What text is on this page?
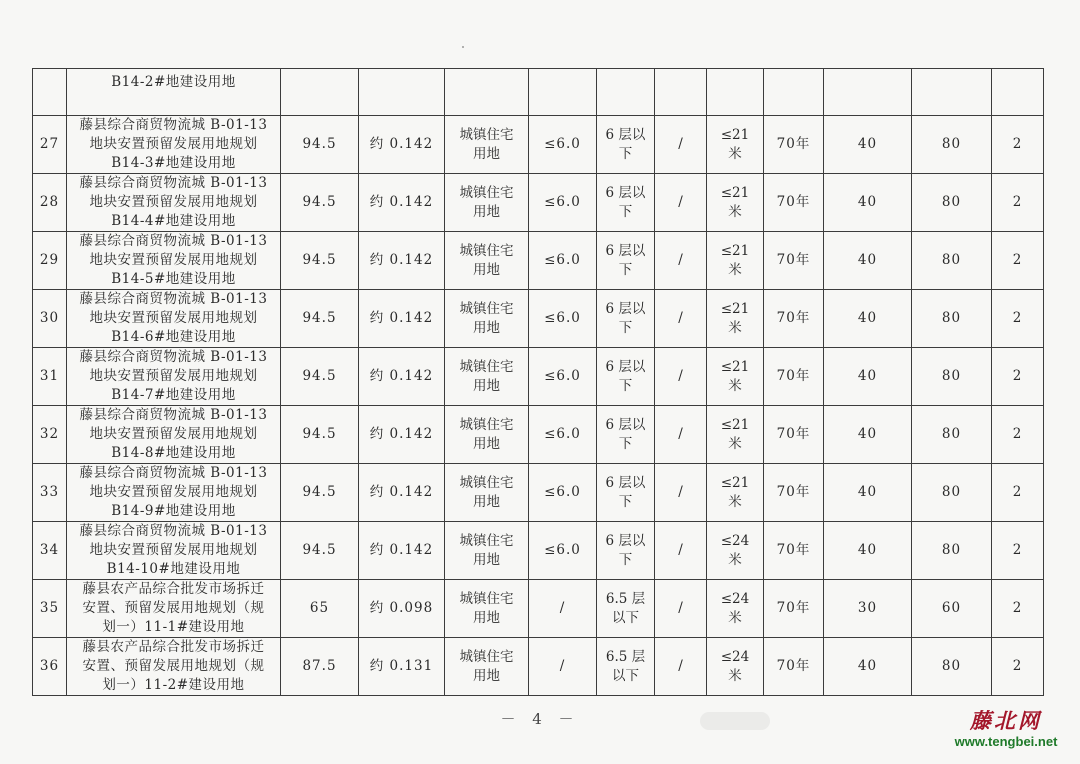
	B14-2#地建设用地											

27	藤县综合商贸物流城 B-01-13
地块安置预留发展用地规划
B14-3#地建设用地	94.5	约 0.142	城镇住宅
用地	≤6.0	6 层以
下	/	≤21
米	70年	40	80	2
28	藤县综合商贸物流城 B-01-13
地块安置预留发展用地规划
B14-4#地建设用地	94.5	约 0.142	城镇住宅
用地	≤6.0	6 层以
下	/	≤21
米	70年	40	80	2
29	藤县综合商贸物流城 B-01-13
地块安置预留发展用地规划
B14-5#地建设用地	94.5	约 0.142	城镇住宅
用地	≤6.0	6 层以
下	/	≤21
米	70年	40	80	2
30	藤县综合商贸物流城 B-01-13
地块安置预留发展用地规划
B14-6#地建设用地	94.5	约 0.142	城镇住宅
用地	≤6.0	6 层以
下	/	≤21
米	70年	40	80	2
31	藤县综合商贸物流城 B-01-13
地块安置预留发展用地规划
B14-7#地建设用地	94.5	约 0.142	城镇住宅
用地	≤6.0	6 层以
下	/	≤21
米	70年	40	80	2
32	藤县综合商贸物流城 B-01-13
地块安置预留发展用地规划
B14-8#地建设用地	94.5	约 0.142	城镇住宅
用地	≤6.0	6 层以
下	/	≤21
米	70年	40	80	2
33	藤县综合商贸物流城 B-01-13
地块安置预留发展用地规划
B14-9#地建设用地	94.5	约 0.142	城镇住宅
用地	≤6.0	6 层以
下	/	≤21
米	70年	40	80	2
34	藤县综合商贸物流城 B-01-13
地块安置预留发展用地规划
B14-10#地建设用地	94.5	约 0.142	城镇住宅
用地	≤6.0	6 层以
下	/	≤24
米	70年	40	80	2
35	藤县农产品综合批发市场拆迁
安置、预留发展用地规划（规
划一）11-1#建设用地	65	约 0.098	城镇住宅
用地	/	6.5 层
以下	/	≤24
米	70年	30	60	2
36	藤县农产品综合批发市场拆迁
安置、预留发展用地规划（规
划一）11-2#建设用地	87.5	约 0.131	城镇住宅
用地	/	6.5 层
以下	/	≤24
米	70年	40	80	2
－ 4 －	藤北网
www.tengbei.net
